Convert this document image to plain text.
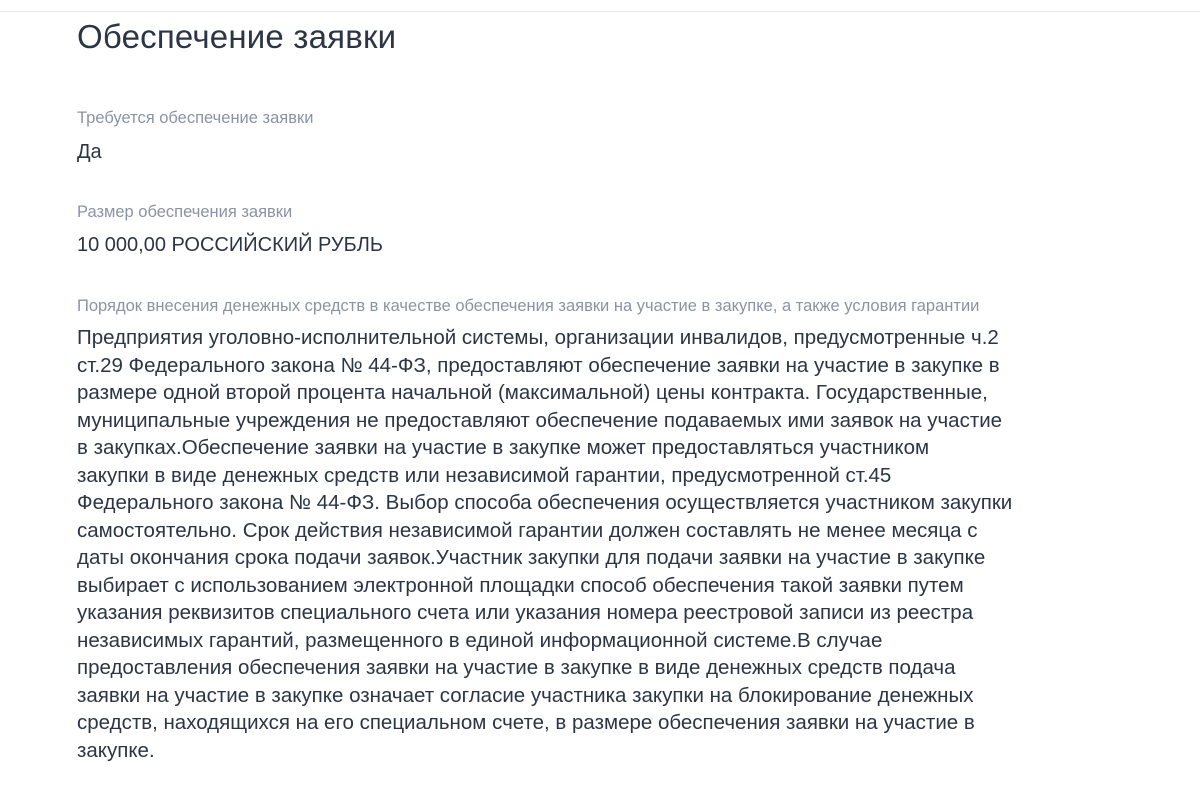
Обеспечение заявки
Требуется обеспечение заявки
Да
Размер обеспечения заявки
10 000,00 РОССИЙСКИЙ РУБЛЬ
Порядок внесения денежных средств в качестве обеспечения заявки на участие в закупке, а также условия гарантии
Предприятия уголовно-исполнительной системы, организации инвалидов, предусмотренные ч.2
ст.29 Федерального закона № 44-ФЗ, предоставляют обеспечение заявки на участие в закупке в
размере одной второй процента начальной (максимальной) цены контракта. Государственные,
муниципальные учреждения не предоставляют обеспечение подаваемых ими заявок на участие
в закупках.Обеспечение заявки на участие в закупке может предоставляться участником
закупки в виде денежных средств или независимой гарантии, предусмотренной ст.45
Федерального закона № 44-ФЗ. Выбор способа обеспечения осуществляется участником закупки
самостоятельно. Срок действия независимой гарантии должен составлять не менее месяца с
даты окончания срока подачи заявок.Участник закупки для подачи заявки на участие в закупке
выбирает с использованием электронной площадки способ обеспечения такой заявки путем
указания реквизитов специального счета или указания номера реестровой записи из реестра
независимых гарантий, размещенного в единой информационной системе.В случае
предоставления обеспечения заявки на участие в закупке в виде денежных средств подача
заявки на участие в закупке означает согласие участника закупки на блокирование денежных
средств, находящихся на его специальном счете, в размере обеспечения заявки на участие в
закупке.
